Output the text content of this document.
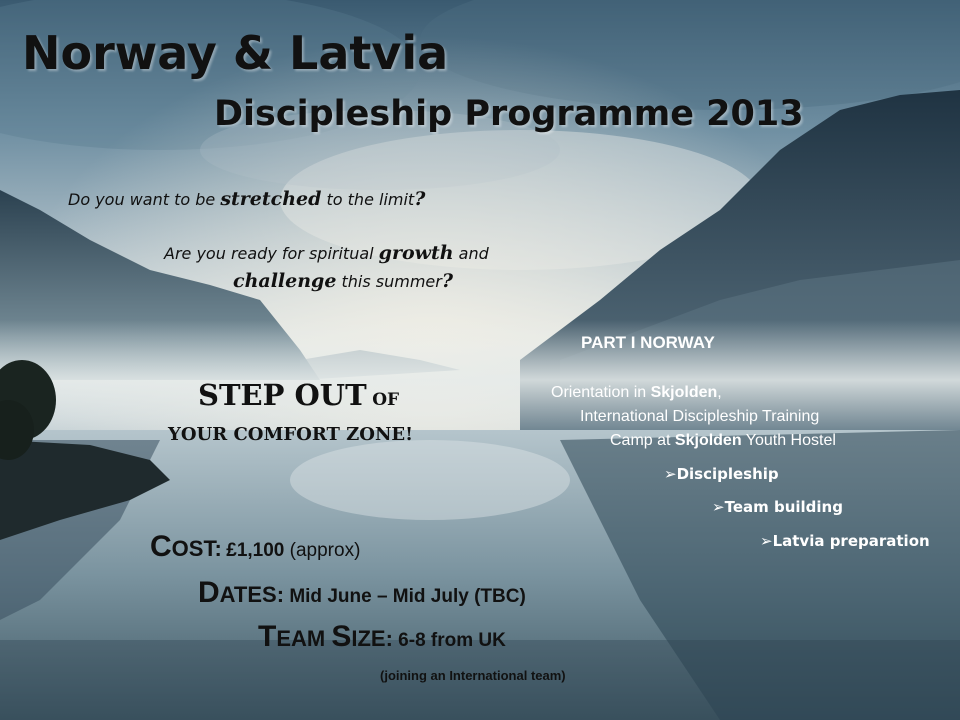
Norway & Latvia
Discipleship Programme 2013
Do you want to be stretched to the limit?
Are you ready for spiritual growth and
challenge this summer?
STEP OUT OF
YOUR COMFORT ZONE!
PART I NORWAY
Orientation in Skjolden,
International Discipleship Training
Camp at Skjolden Youth Hostel
➢Discipleship
➢Team building
➢Latvia preparation
COST: £1,100 (approx)
DATES: Mid June – Mid July (TBC)
TEAM SIZE: 6-8 from UK
(joining an International team)
